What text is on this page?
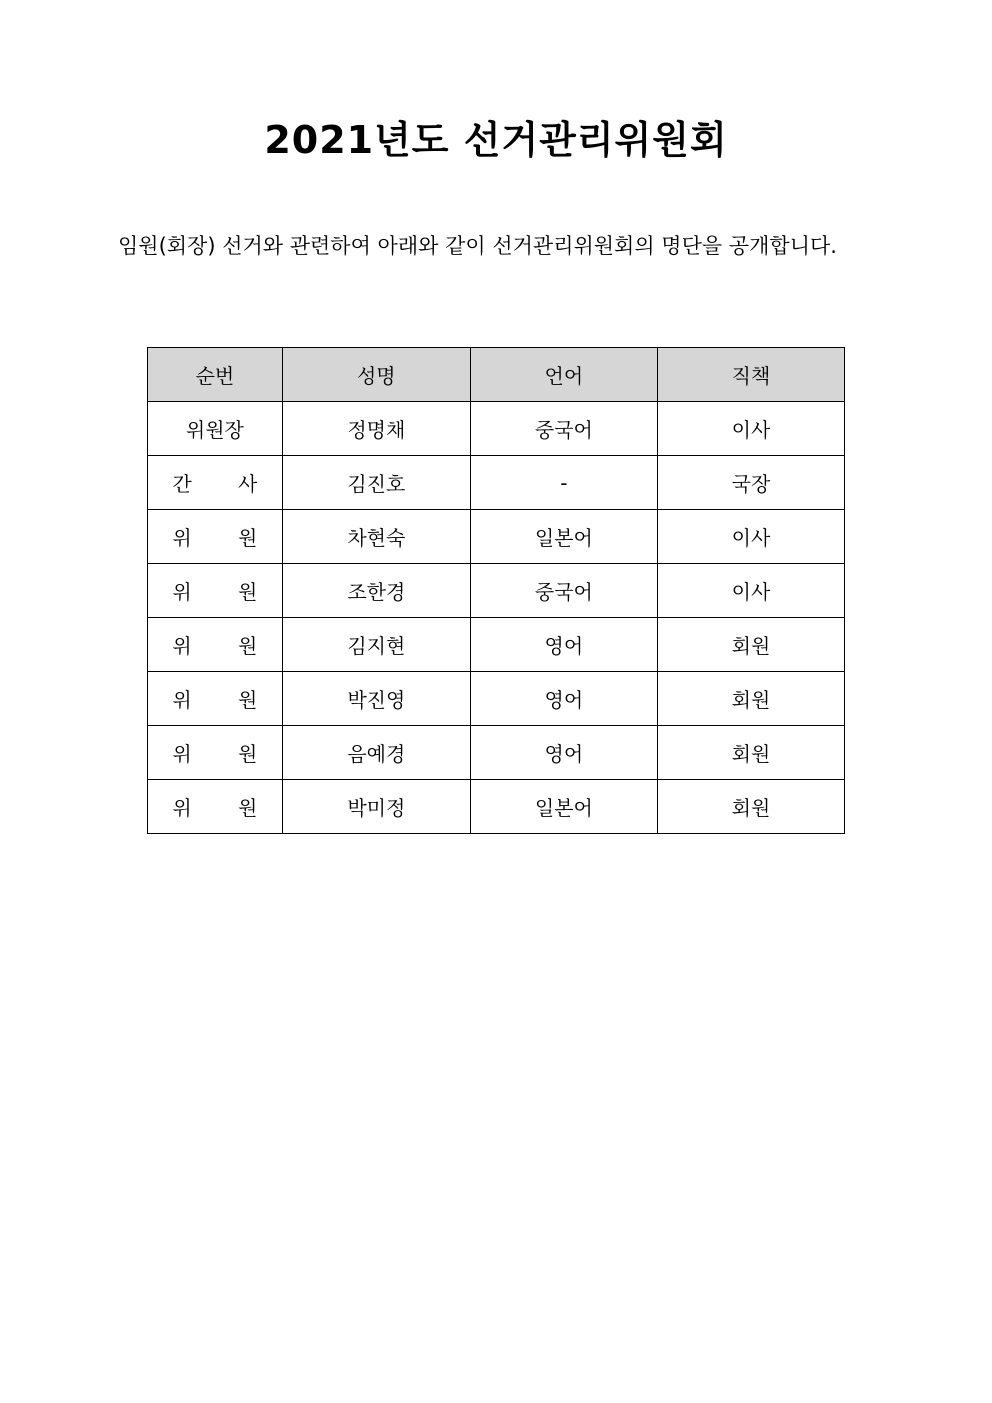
2021년도 선거관리위원회

임원(회장) 선거와 관련하여 아래와 같이 선거관리위원회의 명단을 공개합니다.

순번	성명	언어	직책
위원장	정명채	중국어	이사
간 사	김진호	-	국장
위 원	차현숙	일본어	이사
위 원	조한경	중국어	이사
위 원	김지현	영어	회원
위 원	박진영	영어	회원
위 원	음예경	영어	회원
위 원	박미정	일본어	회원
